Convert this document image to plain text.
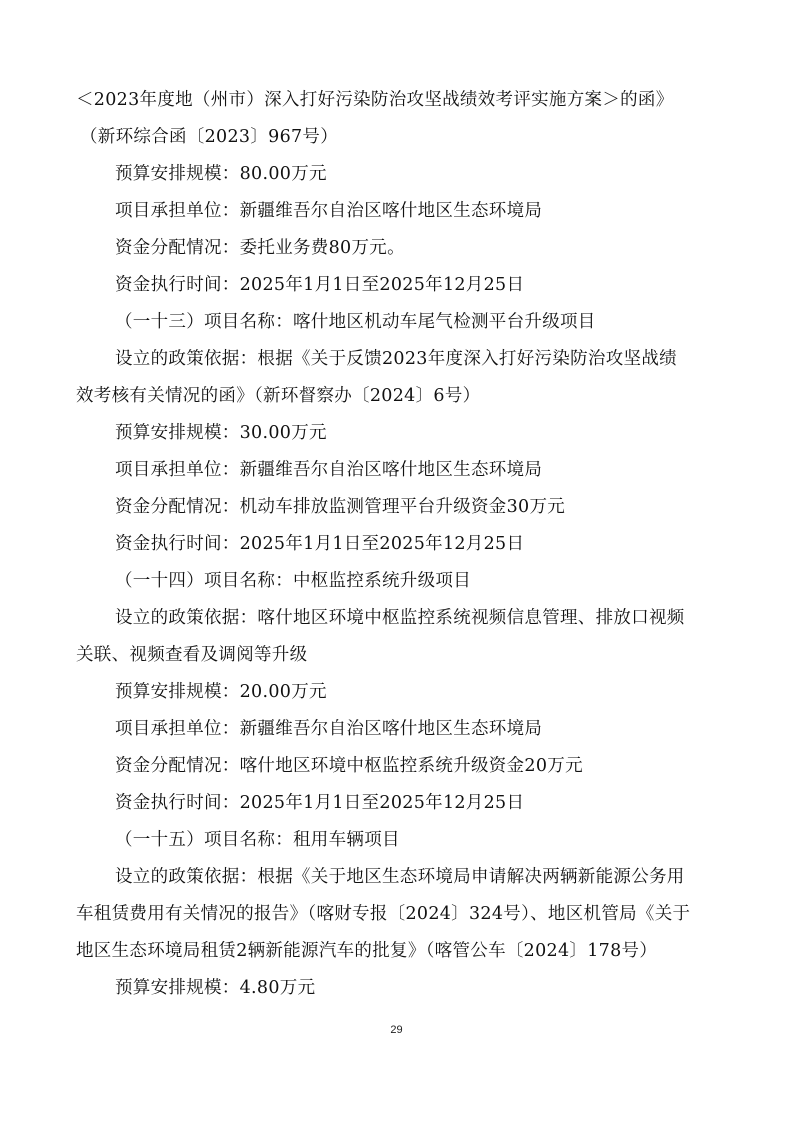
＜2023年度地（州市）深入打好污染防治攻坚战绩效考评实施方案＞的函》
（新环综合函〔2023〕967号）
预算安排规模：80.00万元
项目承担单位：新疆维吾尔自治区喀什地区生态环境局
资金分配情况：委托业务费80万元。
资金执行时间：2025年1月1日至2025年12月25日
（一十三）项目名称：喀什地区机动车尾气检测平台升级项目
设立的政策依据：根据《关于反馈2023年度深入打好污染防治攻坚战绩
效考核有关情况的函》（新环督察办〔2024〕6号）
预算安排规模：30.00万元
项目承担单位：新疆维吾尔自治区喀什地区生态环境局
资金分配情况：机动车排放监测管理平台升级资金30万元
资金执行时间：2025年1月1日至2025年12月25日
（一十四）项目名称：中枢监控系统升级项目
设立的政策依据：喀什地区环境中枢监控系统视频信息管理、排放口视频
关联、视频查看及调阅等升级
预算安排规模：20.00万元
项目承担单位：新疆维吾尔自治区喀什地区生态环境局
资金分配情况：喀什地区环境中枢监控系统升级资金20万元
资金执行时间：2025年1月1日至2025年12月25日
（一十五）项目名称：租用车辆项目
设立的政策依据：根据《关于地区生态环境局申请解决两辆新能源公务用
车租赁费用有关情况的报告》（喀财专报〔2024〕324号）、地区机管局《关于
地区生态环境局租赁2辆新能源汽车的批复》（喀管公车〔2024〕178号）
预算安排规模：4.80万元
29
